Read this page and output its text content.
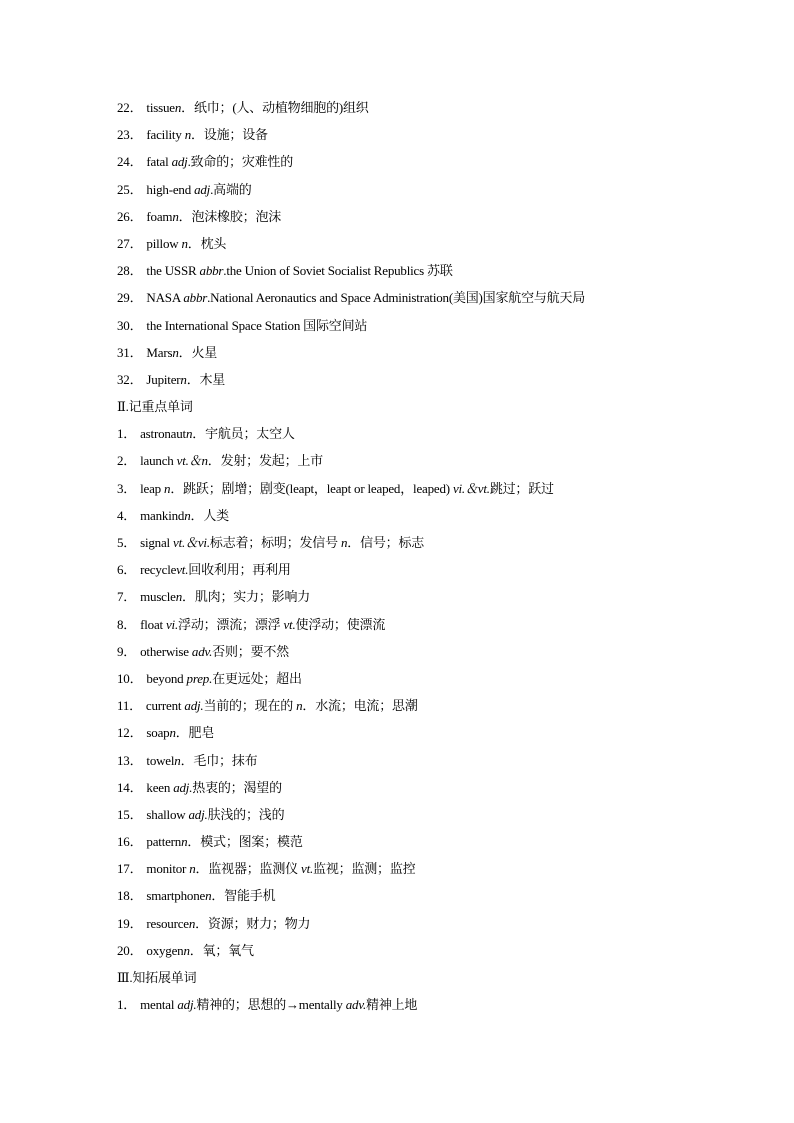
22． tissuen．纸巾；(人、动植物细胞的)组织
23． facility n．设施；设备
24． fatal adj.致命的；灾难性的
25． high-end adj.高端的
26． foamn．泡沫橡胶；泡沫
27． pillow n．枕头
28． the USSR abbr.the Union of Soviet Socialist Republics 苏联
29． NASA abbr.National Aeronautics and Space Administration(美国)国家航空与航天局
30． the International Space Station 国际空间站
31． Marsn．火星
32． Jupitern．木星
Ⅱ.记重点单词
1． astronautn．宇航员；太空人
2． launch vt.＆n．发射；发起；上市
3． leap n．跳跃；剧增；剧变(leapt，leapt or leaped，leaped) vi.＆vt.跳过；跃过
4． mankindn．人类
5． signal vt.＆vi.标志着；标明；发信号 n．信号；标志
6． recyclevt.回收利用；再利用
7． musclen．肌肉；实力；影响力
8． float vi.浮动；漂流；漂浮 vt.使浮动；使漂流
9． otherwise adv.否则；要不然
10． beyond prep.在更远处；超出
11． current adj.当前的；现在的 n．水流；电流；思潮
12． soapn．肥皂
13． toweln．毛巾；抹布
14． keen adj.热衷的；渴望的
15． shallow adj.肤浅的；浅的
16． patternn．模式；图案；模范
17． monitor n．监视器；监测仪 vt.监视；监测；监控
18． smartphonen．智能手机
19． resourcen．资源；财力；物力
20． oxygenn．氧；氧气
Ⅲ.知拓展单词
1． mental adj.精神的；思想的→mentally adv.精神上地
